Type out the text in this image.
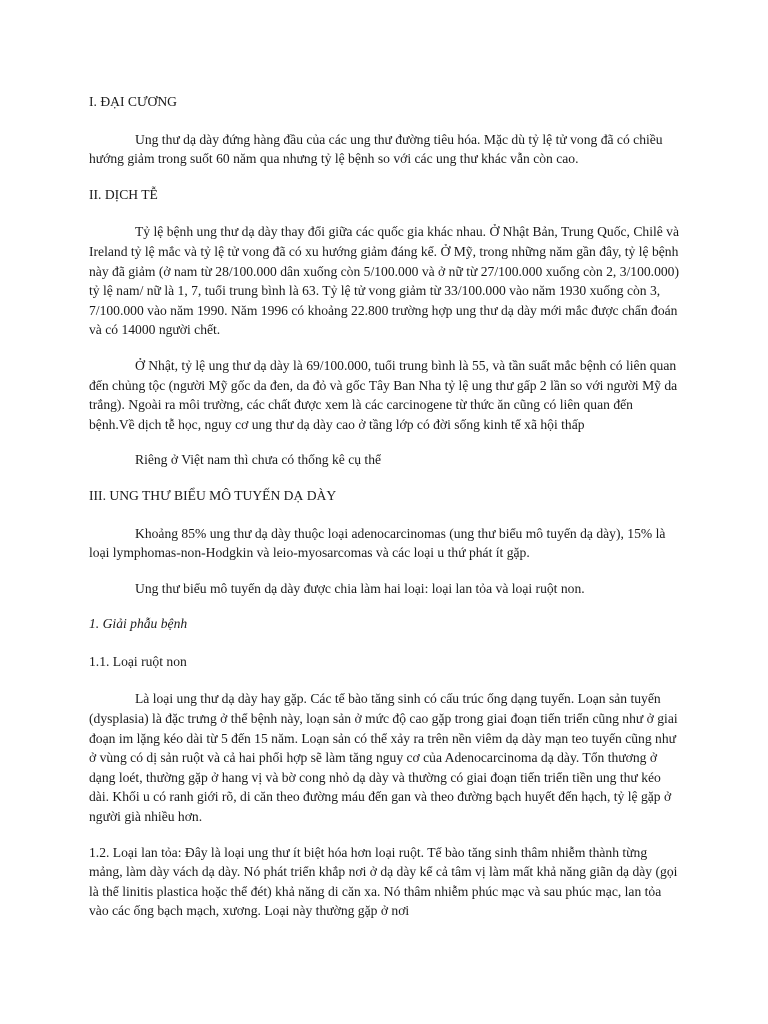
I. ĐẠI CƯƠNG

Ung thư dạ dày đứng hàng đầu của các ung thư đường tiêu hóa. Mặc dù tỷ lệ tử vong đã có chiều hướng giảm trong suốt 60 năm qua nhưng tỷ lệ bệnh so với các ung thư khác vẫn còn cao.

II. DỊCH TỄ

Tỷ lệ bệnh ung thư dạ dày thay đổi giữa các quốc gia khác nhau. Ở Nhật Bản, Trung Quốc, Chilê và Ireland tỷ lệ mắc và tỷ lệ tử vong đã có xu hướng giảm đáng kể. Ở Mỹ, trong những năm gần đây, tỷ lệ bệnh này đã giảm (ở nam từ 28/100.000 dân xuống còn 5/100.000 và ở nữ từ 27/100.000 xuống còn 2, 3/100.000) tỷ lệ nam/ nữ là 1, 7, tuổi trung bình là 63. Tỷ lệ tử vong giảm từ 33/100.000 vào năm 1930 xuống còn 3, 7/100.000 vào năm 1990. Năm 1996 có khoảng 22.800 trường hợp ung thư dạ dày mới mắc được chẩn đoán và có 14000 người chết.

Ở Nhật, tỷ lệ ung thư dạ dày là 69/100.000, tuổi trung bình là 55, và tần suất mắc bệnh có liên quan đến chủng tộc (người Mỹ gốc da đen, da đỏ và gốc Tây Ban Nha tỷ lệ ung thư gấp 2 lần so với người Mỹ da trắng). Ngoài ra môi trường, các chất được xem là các carcinogene từ thức ăn cũng có liên quan đến bệnh.Về dịch tễ học, nguy cơ ung thư dạ dày cao ở tầng lớp có đời sống kinh tế xã hội thấp

Riêng ở Việt nam thì chưa có thống kê cụ thể

III. UNG THƯ BIỂU MÔ TUYẾN DẠ DÀY

Khoảng 85% ung thư dạ dày thuộc loại adenocarcinomas (ung thư biểu mô tuyến dạ dày), 15% là loại lymphomas-non-Hodgkin và leio-myosarcomas và các loại u thứ phát ít gặp.

Ung thư biểu mô tuyến dạ dày được chia làm hai loại: loại lan tỏa và loại ruột non.

1. Giải phẫu bệnh

1.1. Loại ruột non

Là loại ung thư dạ dày hay gặp. Các tế bào tăng sinh có cấu trúc ống dạng tuyến. Loạn sản tuyến (dysplasia) là đặc trưng ở thể bệnh này, loạn sản ở mức độ cao gặp trong giai đoạn tiến triển cũng như ở giai đoạn im lặng kéo dài từ 5 đến 15 năm. Loạn sản có thể xảy ra trên nền viêm dạ dày mạn teo tuyến cũng như ở vùng có dị sản ruột và cả hai phối hợp sẽ làm tăng nguy cơ của Adenocarcinoma dạ dày. Tổn thương ở dạng loét, thường gặp ở hang vị và bờ cong nhỏ dạ dày và thường có giai đoạn tiến triển tiền ung thư kéo dài. Khối u có ranh giới rõ, di căn theo đường máu đến gan và theo đường bạch huyết đến hạch, tỷ lệ gặp ở người già nhiều hơn.

1.2. Loại lan tỏa: Đây là loại ung thư ít biệt hóa hơn loại ruột. Tế bào tăng sinh thâm nhiễm thành từng mảng, làm dày vách dạ dày. Nó phát triển khắp nơi ở dạ dày kể cả tâm vị làm mất khả năng giãn dạ dày (gọi là thể linitis plastica hoặc thể đét) khả năng di căn xa. Nó thâm nhiễm phúc mạc và sau phúc mạc, lan tỏa vào các ống bạch mạch, xương. Loại này thường gặp ở nơi
